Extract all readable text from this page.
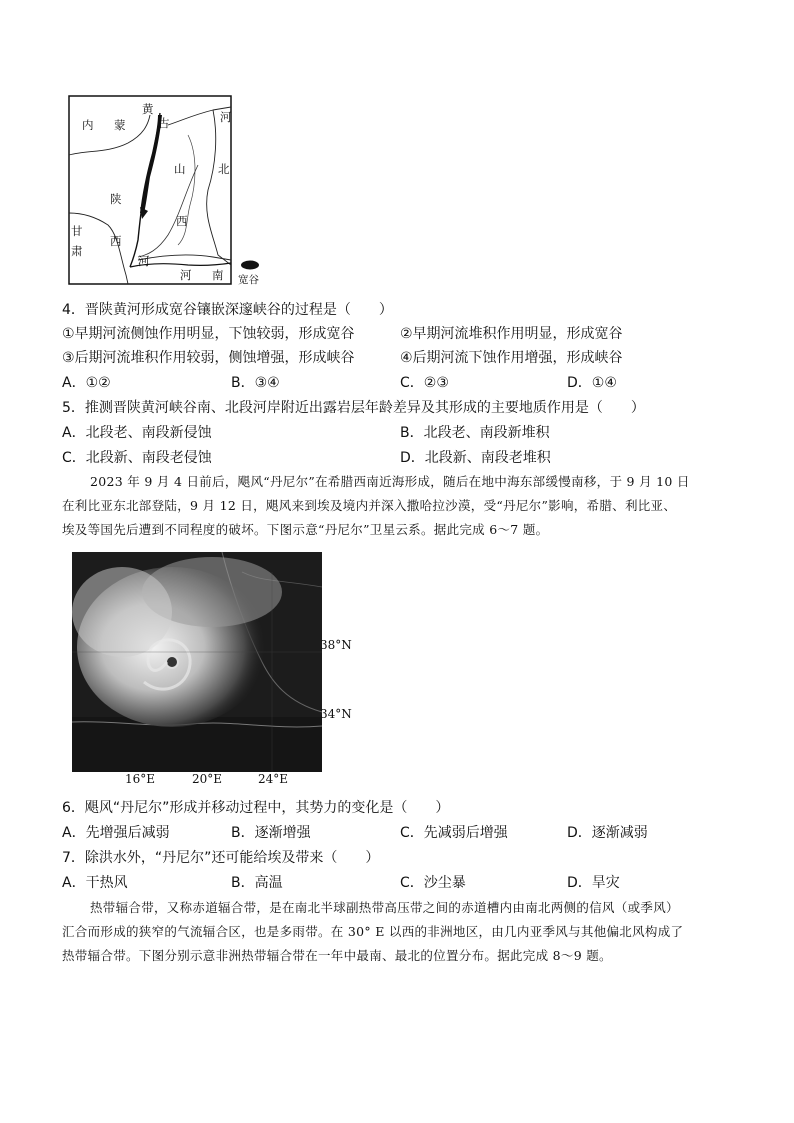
内 蒙
黄
古	河
山	北
陕
西
西
甘
肃
河
河 南 宽谷
4．晋陕黄河形成宽谷镶嵌深邃峡谷的过程是（　　）
①早期河流侧蚀作用明显，下蚀较弱，形成宽谷	②早期河流堆积作用明显，形成宽谷
③后期河流堆积作用较弱，侧蚀增强，形成峡谷	④后期河流下蚀作用增强，形成峡谷
A．①②	B．③④	C．②③	D．①④
5．推测晋陕黄河峡谷南、北段河岸附近出露岩层年龄差异及其形成的主要地质作用是（　　）
A．北段老、南段新侵蚀	B．北段老、南段新堆积
C．北段新、南段老侵蚀	D．北段新、南段老堆积
2023 年 9 月 4 日前后，飓风“丹尼尔”在希腊西南近海形成，随后在地中海东部缓慢南移，于 9 月 10 日
在利比亚东北部登陆，9 月 12 日，飓风来到埃及境内并深入撒哈拉沙漠，受“丹尼尔”影响，希腊、利比亚、
埃及等国先后遭到不同程度的破坏。下图示意“丹尼尔”卫星云系。据此完成 6～7 题。
38°N
34°N
16°E	20°E	24°E
6．飓风“丹尼尔”形成并移动过程中，其势力的变化是（　　）
A．先增强后减弱	B．逐渐增强	C．先减弱后增强	D．逐渐减弱
7．除洪水外，“丹尼尔”还可能给埃及带来（　　）
A．干热风	B．高温	C．沙尘暴	D．旱灾
热带辐合带，又称赤道辐合带，是在南北半球副热带高压带之间的赤道槽内由南北两侧的信风（或季风）
汇合而形成的狭窄的气流辐合区，也是多雨带。在 30° E 以西的非洲地区，由几内亚季风与其他偏北风构成了
热带辐合带。下图分别示意非洲热带辐合带在一年中最南、最北的位置分布。据此完成 8～9 题。
